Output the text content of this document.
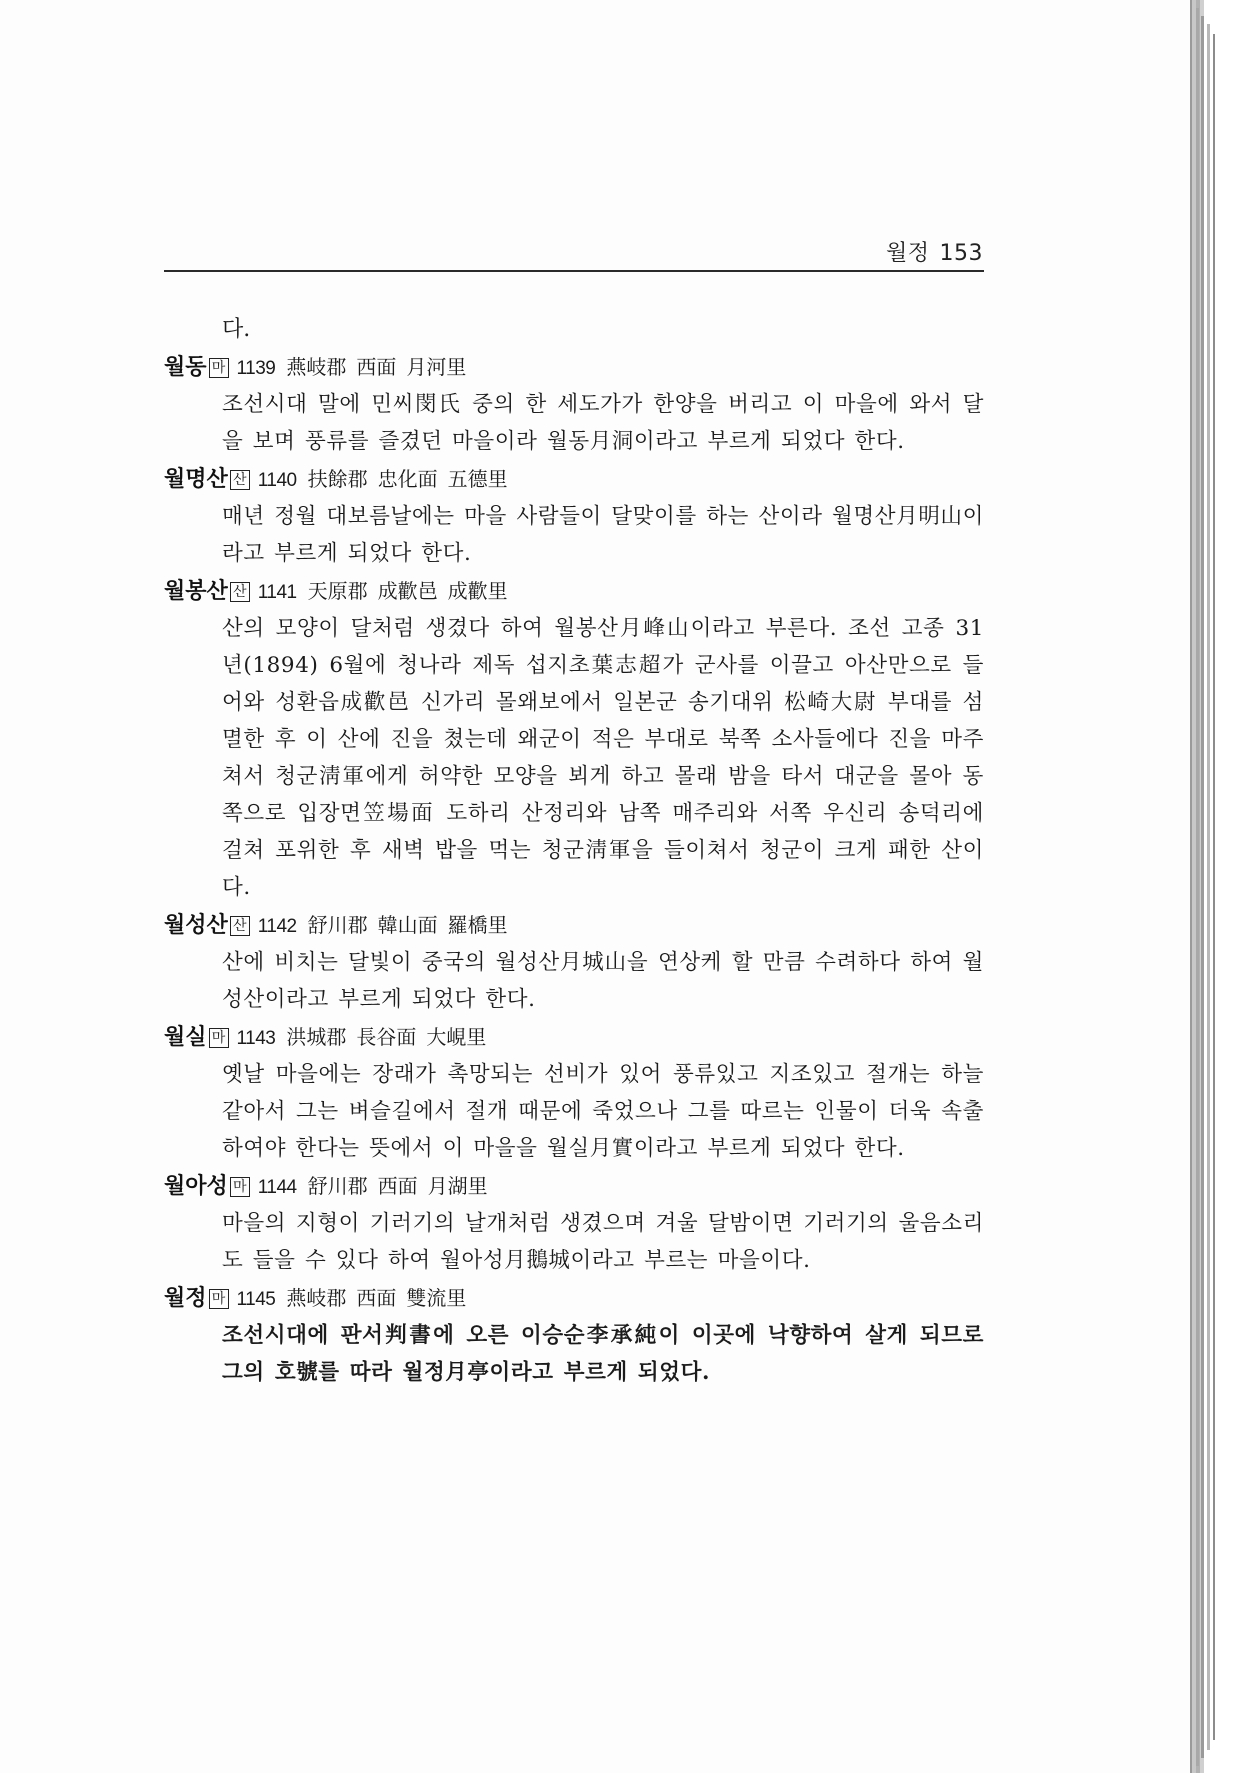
월정 153
다.
월동 마 1139 燕岐郡 西面 月河里
조선시대 말에 민씨閔氏 중의 한 세도가가 한양을 버리고 이 마을에 와서 달을 보며 풍류를 즐겼던 마을이라 월동月洞이라고 부르게 되었다 한다.
월명산 산 1140 扶餘郡 忠化面 五德里
매년 정월 대보름날에는 마을 사람들이 달맞이를 하는 산이라 월명산月明山이라고 부르게 되었다 한다.
월봉산 산 1141 天原郡 成歡邑 成歡里
산의 모양이 달처럼 생겼다 하여 월봉산月峰山이라고 부른다. 조선 고종 31년(1894) 6월에 청나라 제독 섭지초葉志超가 군사를 이끌고 아산만으로 들어와 성환읍成歡邑 신가리 몰왜보에서 일본군 송기대위 松崎大尉 부대를 섬멸한 후 이 산에 진을 쳤는데 왜군이 적은 부대로 북쪽 소사들에다 진을 마주 쳐서 청군淸軍에게 허약한 모양을 뵈게 하고 몰래 밤을 타서 대군을 몰아 동쪽으로 입장면笠場面 도하리 산정리와 남쪽 매주리와 서쪽 우신리 송덕리에 걸쳐 포위한 후 새벽 밥을 먹는 청군淸軍을 들이쳐서 청군이 크게 패한 산이다.
월성산 산 1142 舒川郡 韓山面 羅橋里
산에 비치는 달빛이 중국의 월성산月城山을 연상케 할 만큼 수려하다 하여 월성산이라고 부르게 되었다 한다.
월실 마 1143 洪城郡 長谷面 大峴里
옛날 마을에는 장래가 촉망되는 선비가 있어 풍류있고 지조있고 절개는 하늘 같아서 그는 벼슬길에서 절개 때문에 죽었으나 그를 따르는 인물이 더욱 속출하여야 한다는 뜻에서 이 마을을 월실月實이라고 부르게 되었다 한다.
월아성 마 1144 舒川郡 西面 月湖里
마을의 지형이 기러기의 날개처럼 생겼으며 겨울 달밤이면 기러기의 울음소리도 들을 수 있다 하여 월아성月鵝城이라고 부르는 마을이다.
월정 마 1145 燕岐郡 西面 雙流里
조선시대에 판서判書에 오른 이승순李承純이 이곳에 낙향하여 살게 되므로 그의 호號를 따라 월정月亭이라고 부르게 되었다.
